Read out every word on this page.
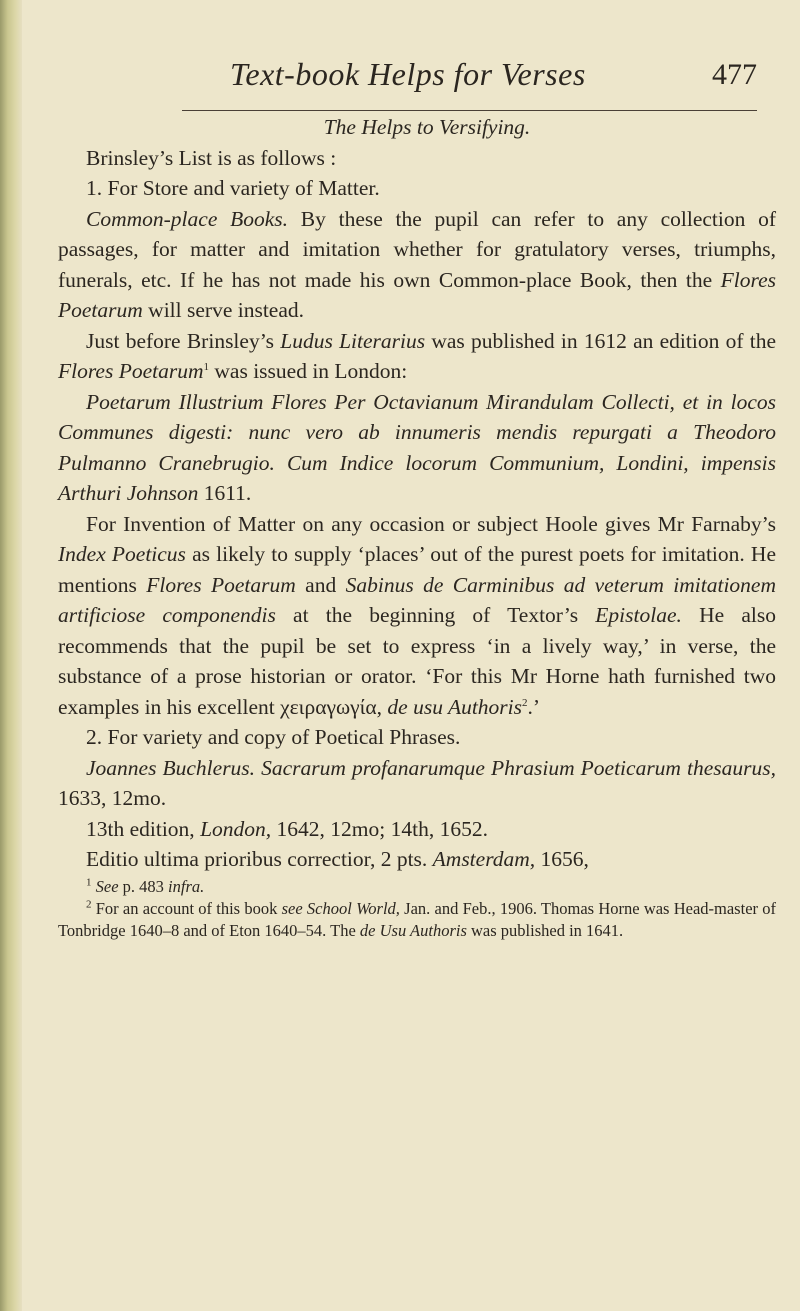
Text-book Helps for Verses	477

The Helps to Versifying.

Brinsley’s List is as follows :

1. For Store and variety of Matter.

Common-place Books. By these the pupil can refer to any collection of passages, for matter and imitation whether for gratulatory verses, triumphs, funerals, etc. If he has not made his own Common-place Book, then the Flores Poetarum will serve instead.

Just before Brinsley’s Ludus Literarius was published in 1612 an edition of the Flores Poetarum$^1$ was issued in London:

Poetarum Illustrium Flores Per Octavianum Mirandulam Collecti, et in locos Communes digesti: nunc vero ab innumeris mendis repurgati a Theodoro Pulmanno Cranebrugio. Cum Indice locorum Communium, Londini, impensis Arthuri Johnson 1611.

For Invention of Matter on any occasion or subject Hoole gives Mr Farnaby’s Index Poeticus as likely to supply ‘places’ out of the purest poets for imitation. He mentions Flores Poetarum and Sabinus de Carminibus ad veterum imitationem artificiose componendis at the beginning of Textor’s Epistolae. He also recommends that the pupil be set to express ‘in a lively way,’ in verse, the substance of a prose historian or orator. ‘For this Mr Horne hath furnished two examples in his excellent χειραγωγία, de usu Authoris$^2$.’

2. For variety and copy of Poetical Phrases.

Joannes Buchlerus. Sacrarum profanarumque Phrasium Poeticarum thesaurus, 1633, 12mo.

13th edition, London, 1642, 12mo; 14th, 1652.

Editio ultima prioribus correctior, 2 pts. Amsterdam, 1656,

$^1$ See p. 483 infra.

$^2$ For an account of this book see School World, Jan. and Feb., 1906. Thomas Horne was Head-master of Tonbridge 1640–8 and of Eton 1640–54. The de Usu Authoris was published in 1641.
